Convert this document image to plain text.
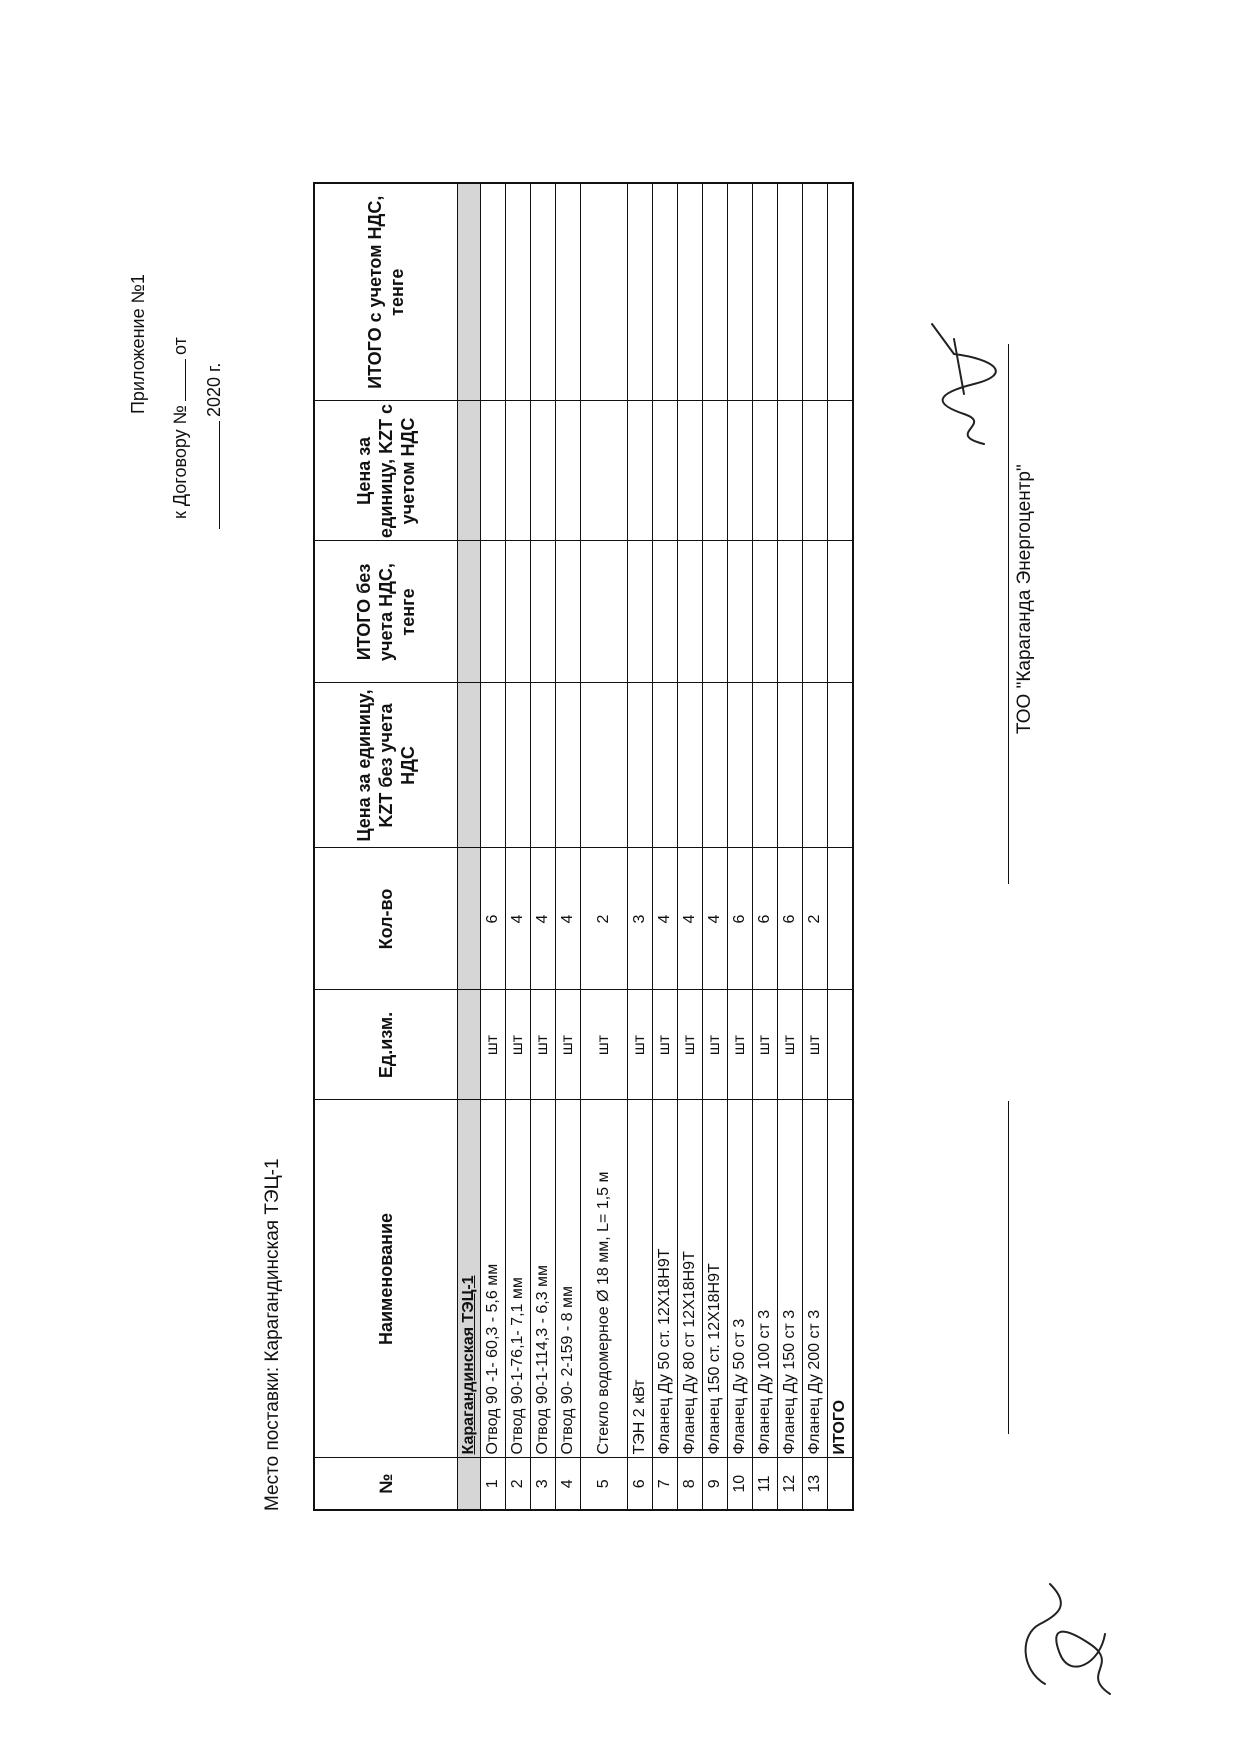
Место поставки: Карагандинская ТЭЦ-1
Приложение №1
к Договору №от
2020 г.
№	Наименование	Ед.изм.	Кол-во	Цена за единицу, KZT без учета НДС	ИТОГО без учета НДС, тенге	Цена за единицу, KZT с учетом НДС	ИТОГО с учетом НДС, тенге
	Карагандинская ТЭЦ-1						
1	Отвод 90 -1- 60,3 - 5,6 мм	шт	6				
2	Отвод 90-1-76,1- 7,1 мм	шт	4				
3	Отвод 90-1-114,3 - 6,3 мм	шт	4				
4	Отвод 90- 2-159 - 8 мм	шт	4				
5	Стекло водомерное Ø 18 мм, L= 1,5 м	шт	2				
6	ТЭН 2 кВт	шт	3				
7	Фланец Ду 50 ст. 12Х18Н9Т	шт	4				
8	Фланец Ду 80 ст 12Х18Н9Т	шт	4				
9	Фланец 150 ст. 12Х18Н9Т	шт	4				
10	Фланец Ду 50 ст 3	шт	6				
11	Фланец Ду 100 ст 3	шт	6				
12	Фланец Ду 150 ст 3	шт	6				
13	Фланец Ду 200 ст 3	шт	2				
	ИТОГО						
ТОО "Караганда Энергоцентр"
